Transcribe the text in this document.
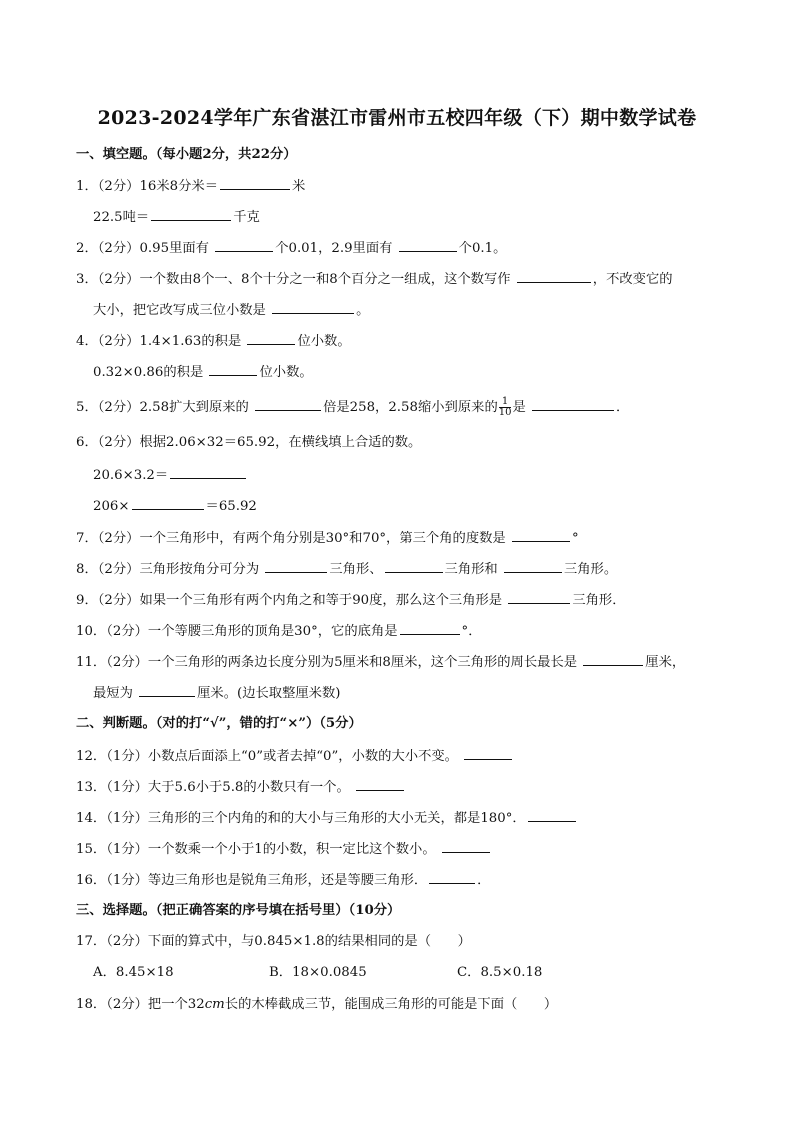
2023-2024学年广东省湛江市雷州市五校四年级（下）期中数学试卷
一、填空题。（每小题2分，共22分）
1．（2分）16米8分米＝	米
22.5吨＝	千克
2．（2分）0.95里面有	个0.01，2.9里面有	个0.1。
3．（2分）一个数由8个一、8个十分之一和8个百分之一组成，这个数写作	，不改变它的
大小，把它改写成三位小数是	。
4．（2分）1.4×1.63的积是	位小数。
0.32×0.86的积是	位小数。
5．（2分）2.58扩大到原来的	倍是258，2.58缩小到原来的 $\frac{1}{10}$ 是	．
6．（2分）根据2.06×32＝65.92，在横线填上合适的数。
20.6×3.2＝
206×	＝65.92
7．（2分）一个三角形中，有两个角分别是30°和70°，第三个角的度数是	°
8．（2分）三角形按角分可分为	三角形、	三角形和	三角形。
9．（2分）如果一个三角形有两个内角之和等于90度，那么这个三角形是	三角形．
10．（2分）一个等腰三角形的顶角是30°，它的底角是	°．
11．（2分）一个三角形的两条边长度分别为5厘米和8厘米，这个三角形的周长最长是	厘米，
最短为	厘米。(边长取整厘米数)
二、判断题。（对的打“√”，错的打“×”）（5分）
12．（1分）小数点后面添上“0”或者去掉“0”，小数的大小不变。
13．（1分）大于5.6小于5.8的小数只有一个。
14．（1分）三角形的三个内角的和的大小与三角形的大小无关，都是180°．
15．（1分）一个数乘一个小于1的小数，积一定比这个数小。
16．（1分）等边三角形也是锐角三角形，还是等腰三角形．	．
三、选择题。（把正确答案的序号填在括号里）（10分）
17．（2分）下面的算式中，与0.845×1.8的结果相同的是（　　）
A．8.45×18	B．18×0.0845	C．8.5×0.18
18．（2分）把一个32cm长的木棒截成三节，能围成三角形的可能是下面（　　）
